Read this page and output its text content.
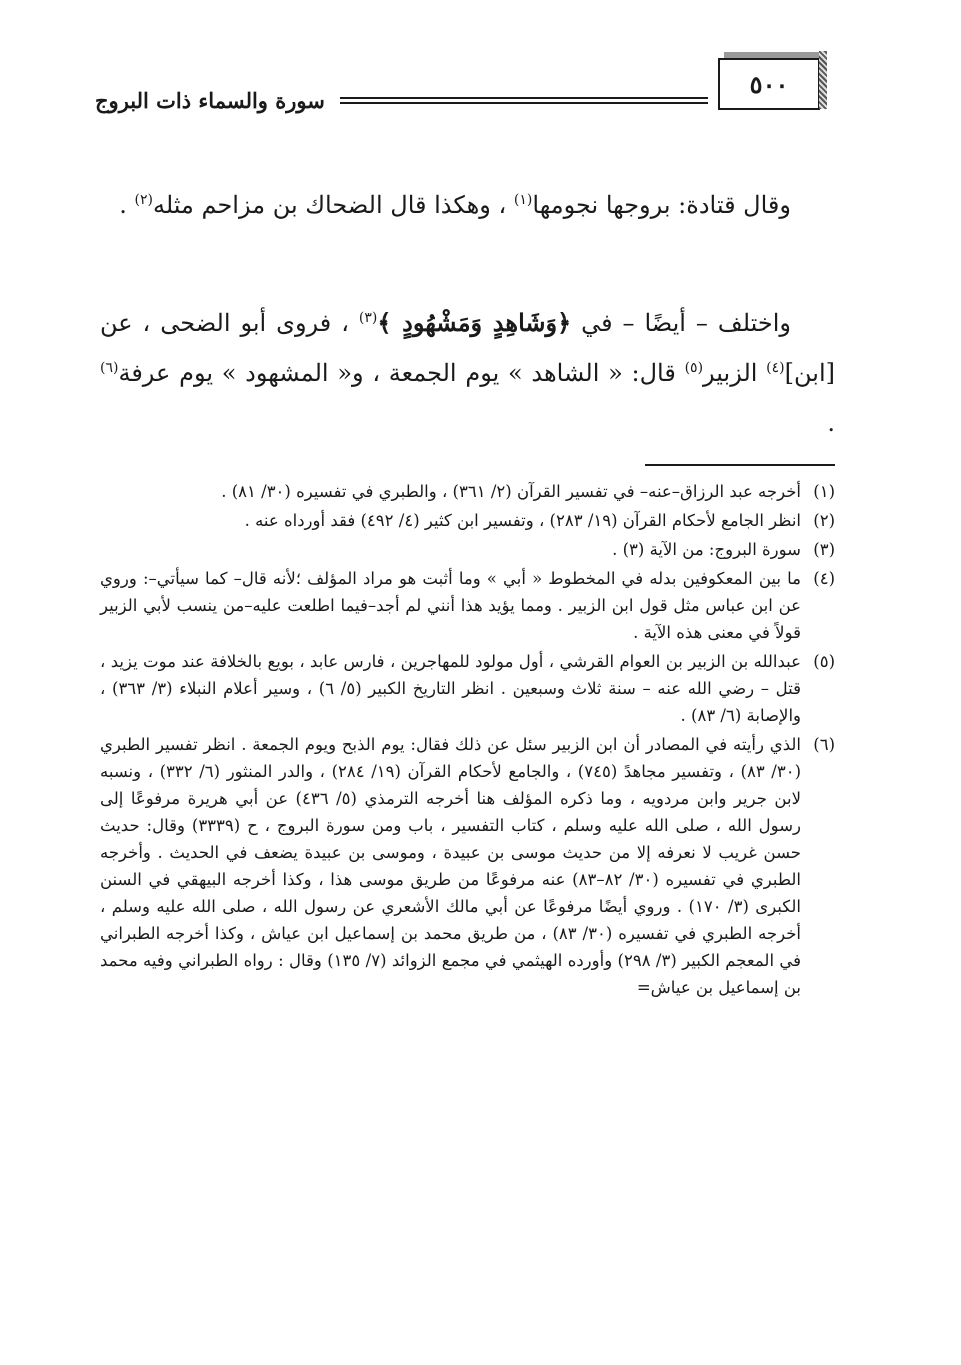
٥٠٠
سورة والسماء ذات البروج
وقال قتادة: بروجها نجومها$^{(١)}$ ، وهكذا قال الضحاك بن مزاحم مثله$^{(٢)}$ .
واختلف – أيضًا – في ﴿وَشَاهِدٍ وَمَشْهُودٍ ﴾$^{(٣)}$ ، فروى أبو الضحى ، عن [ابن]$^{(٤)}$ الزبير$^{(٥)}$ قال: « الشاهد » يوم الجمعة ، و« المشهود » يوم عرفة$^{(٦)}$ .
(١)
أخرجه عبد الرزاق–عنه– في تفسير القرآن (٢/ ٣٦١) ، والطبري في تفسيره (٣٠/ ٨١) .
(٢)
انظر الجامع لأحكام القرآن (١٩/ ٢٨٣) ، وتفسير ابن كثير (٤/ ٤٩٢) فقد أورداه عنه .
(٣)
سورة البروج: من الآية (٣) .
(٤)
ما بين المعكوفين بدله في المخطوط « أبي » وما أثبت هو مراد المؤلف ؛لأنه قال– كما سيأتي–: وروي عن ابن عباس مثل قول ابن الزبير . ومما يؤيد هذا أنني لم أجد–فيما اطلعت عليه–من ينسب لأبي الزبير قولاً في معنى هذه الآية .
(٥)
عبدالله بن الزبير بن العوام القرشي ، أول مولود للمهاجرين ، فارس عابد ، بويع بالخلافة عند موت يزيد ، قتل – رضي الله عنه – سنة ثلاث وسبعين . انظر التاريخ الكبير (٥/ ٦) ، وسير أعلام النبلاء (٣/ ٣٦٣) ، والإصابة (٦/ ٨٣) .
(٦)
الذي رأيته في المصادر أن ابن الزبير سئل عن ذلك فقال: يوم الذبح ويوم الجمعة . انظر تفسير الطبري (٣٠/ ٨٣) ، وتفسير مجاهدً (٧٤٥) ، والجامع لأحكام القرآن (١٩/ ٢٨٤) ، والدر المنثور (٦/ ٣٣٢) ، ونسبه لابن جرير وابن مردويه ، وما ذكره المؤلف هنا أخرجه الترمذي (٥/ ٤٣٦) عن أبي هريرة مرفوعًا إلى رسول الله ، صلى الله عليه وسلم ، كتاب التفسير ، باب ومن سورة البروج ، ح (٣٣٣٩) وقال: حديث حسن غريب لا نعرفه إلا من حديث موسى بن عبيدة ، وموسى بن عبيدة يضعف في الحديث . وأخرجه الطبري في تفسيره (٣٠/ ٨٢–٨٣) عنه مرفوعًا من طريق موسى هذا ، وكذا أخرجه البيهقي في السنن الكبرى (٣/ ١٧٠) . وروي أيضًا مرفوعًا عن أبي مالك الأشعري عن رسول الله ، صلى الله عليه وسلم ، أخرجه الطبري في تفسيره (٣٠/ ٨٣) ، من طريق محمد بن إسماعيل ابن عياش ، وكذا أخرجه الطبراني في المعجم الكبير (٣/ ٢٩٨) وأورده الهيثمي في مجمع الزوائد (٧/ ١٣٥) وقال : رواه الطبراني وفيه محمد بن إسماعيل بن عياش=
